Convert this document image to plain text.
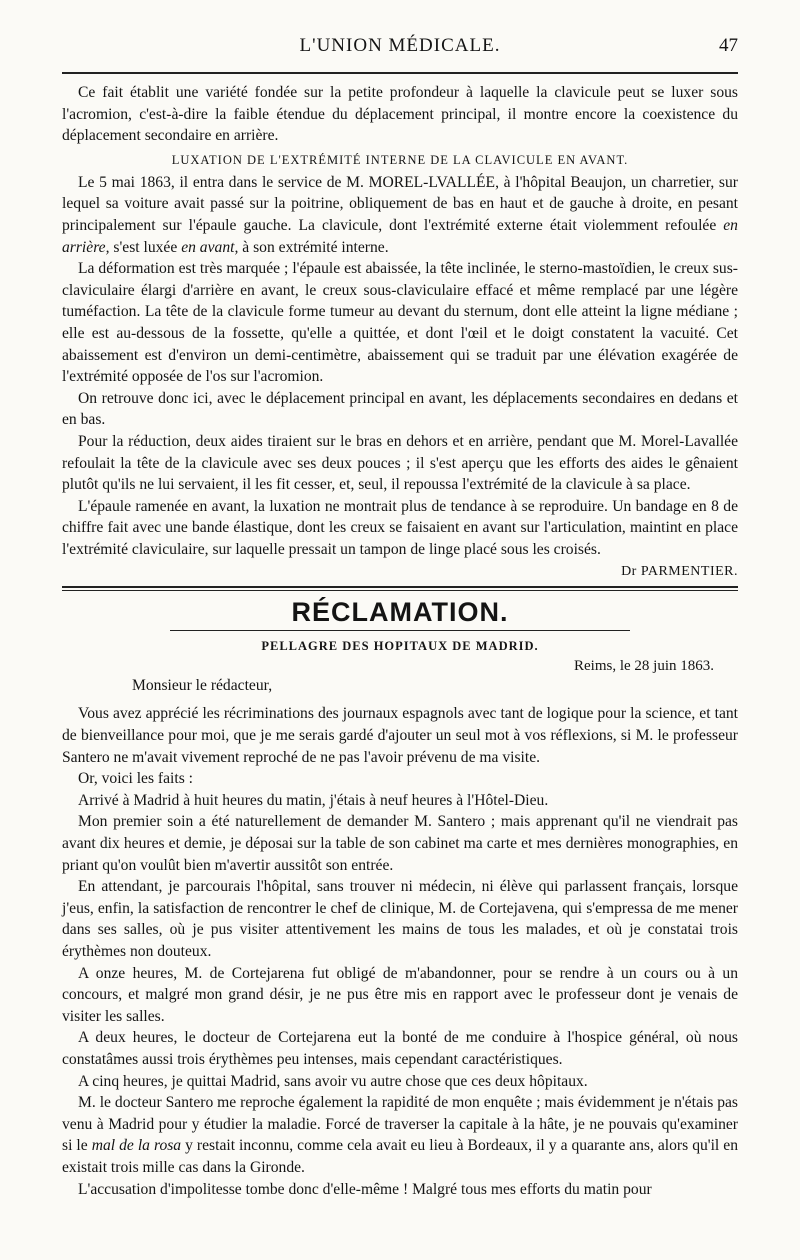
L'UNION MÉDICALE.	47

Ce fait établit une variété fondée sur la petite profondeur à laquelle la clavicule peut se luxer sous l'acromion, c'est-à-dire la faible étendue du déplacement principal, il montre encore la coexistence du déplacement secondaire en arrière.

LUXATION DE L'EXTRÉMITÉ INTERNE DE LA CLAVICULE EN AVANT.

Le 5 mai 1863, il entra dans le service de M. MOREL-LVALLÉE, à l'hôpital Beaujon, un charretier, sur lequel sa voiture avait passé sur la poitrine, obliquement de bas en haut et de gauche à droite, en pesant principalement sur l'épaule gauche. La clavicule, dont l'extrémité externe était violemment refoulée en arrière, s'est luxée en avant, à son extrémité interne.

La déformation est très marquée ; l'épaule est abaissée, la tête inclinée, le sterno-mastoïdien, le creux sus-claviculaire élargi d'arrière en avant, le creux sous-claviculaire effacé et même remplacé par une légère tuméfaction. La tête de la clavicule forme tumeur au devant du sternum, dont elle atteint la ligne médiane ; elle est au-dessous de la fossette, qu'elle a quittée, et dont l'œil et le doigt constatent la vacuité. Cet abaissement est d'environ un demi-centimètre, abaissement qui se traduit par une élévation exagérée de l'extrémité opposée de l'os sur l'acromion.

On retrouve donc ici, avec le déplacement principal en avant, les déplacements secondaires en dedans et en bas.

Pour la réduction, deux aides tiraient sur le bras en dehors et en arrière, pendant que M. Morel-Lavallée refoulait la tête de la clavicule avec ses deux pouces ; il s'est aperçu que les efforts des aides le gênaient plutôt qu'ils ne lui servaient, il les fit cesser, et, seul, il repoussa l'extrémité de la clavicule à sa place.

L'épaule ramenée en avant, la luxation ne montrait plus de tendance à se reproduire. Un bandage en 8 de chiffre fait avec une bande élastique, dont les creux se faisaient en avant sur l'articulation, maintint en place l'extrémité claviculaire, sur laquelle pressait un tampon de linge placé sous les croisés.

Dr PARMENTIER.
RÉCLAMATION.
PELLAGRE DES HOPITAUX DE MADRID.
Reims, le 28 juin 1863.
Monsieur le rédacteur,

Vous avez apprécié les récriminations des journaux espagnols avec tant de logique pour la science, et tant de bienveillance pour moi, que je me serais gardé d'ajouter un seul mot à vos réflexions, si M. le professeur Santero ne m'avait vivement reproché de ne pas l'avoir prévenu de ma visite.

Or, voici les faits :

Arrivé à Madrid à huit heures du matin, j'étais à neuf heures à l'Hôtel-Dieu.

Mon premier soin a été naturellement de demander M. Santero ; mais apprenant qu'il ne viendrait pas avant dix heures et demie, je déposai sur la table de son cabinet ma carte et mes dernières monographies, en priant qu'on voulût bien m'avertir aussitôt son entrée.

En attendant, je parcourais l'hôpital, sans trouver ni médecin, ni élève qui parlassent français, lorsque j'eus, enfin, la satisfaction de rencontrer le chef de clinique, M. de Cortejavena, qui s'empressa de me mener dans ses salles, où je pus visiter attentivement les mains de tous les malades, et où je constatai trois érythèmes non douteux.

A onze heures, M. de Cortejarena fut obligé de m'abandonner, pour se rendre à un cours ou à un concours, et malgré mon grand désir, je ne pus être mis en rapport avec le professeur dont je venais de visiter les salles.

A deux heures, le docteur de Cortejarena eut la bonté de me conduire à l'hospice général, où nous constatâmes aussi trois érythèmes peu intenses, mais cependant caractéristiques.

A cinq heures, je quittai Madrid, sans avoir vu autre chose que ces deux hôpitaux.

M. le docteur Santero me reproche également la rapidité de mon enquête ; mais évidemment je n'étais pas venu à Madrid pour y étudier la maladie. Forcé de traverser la capitale à la hâte, je ne pouvais qu'examiner si le mal de la rosa y restait inconnu, comme cela avait eu lieu à Bordeaux, il y a quarante ans, alors qu'il en existait trois mille cas dans la Gironde.

L'accusation d'impolitesse tombe donc d'elle-même ! Malgré tous mes efforts du matin pour
